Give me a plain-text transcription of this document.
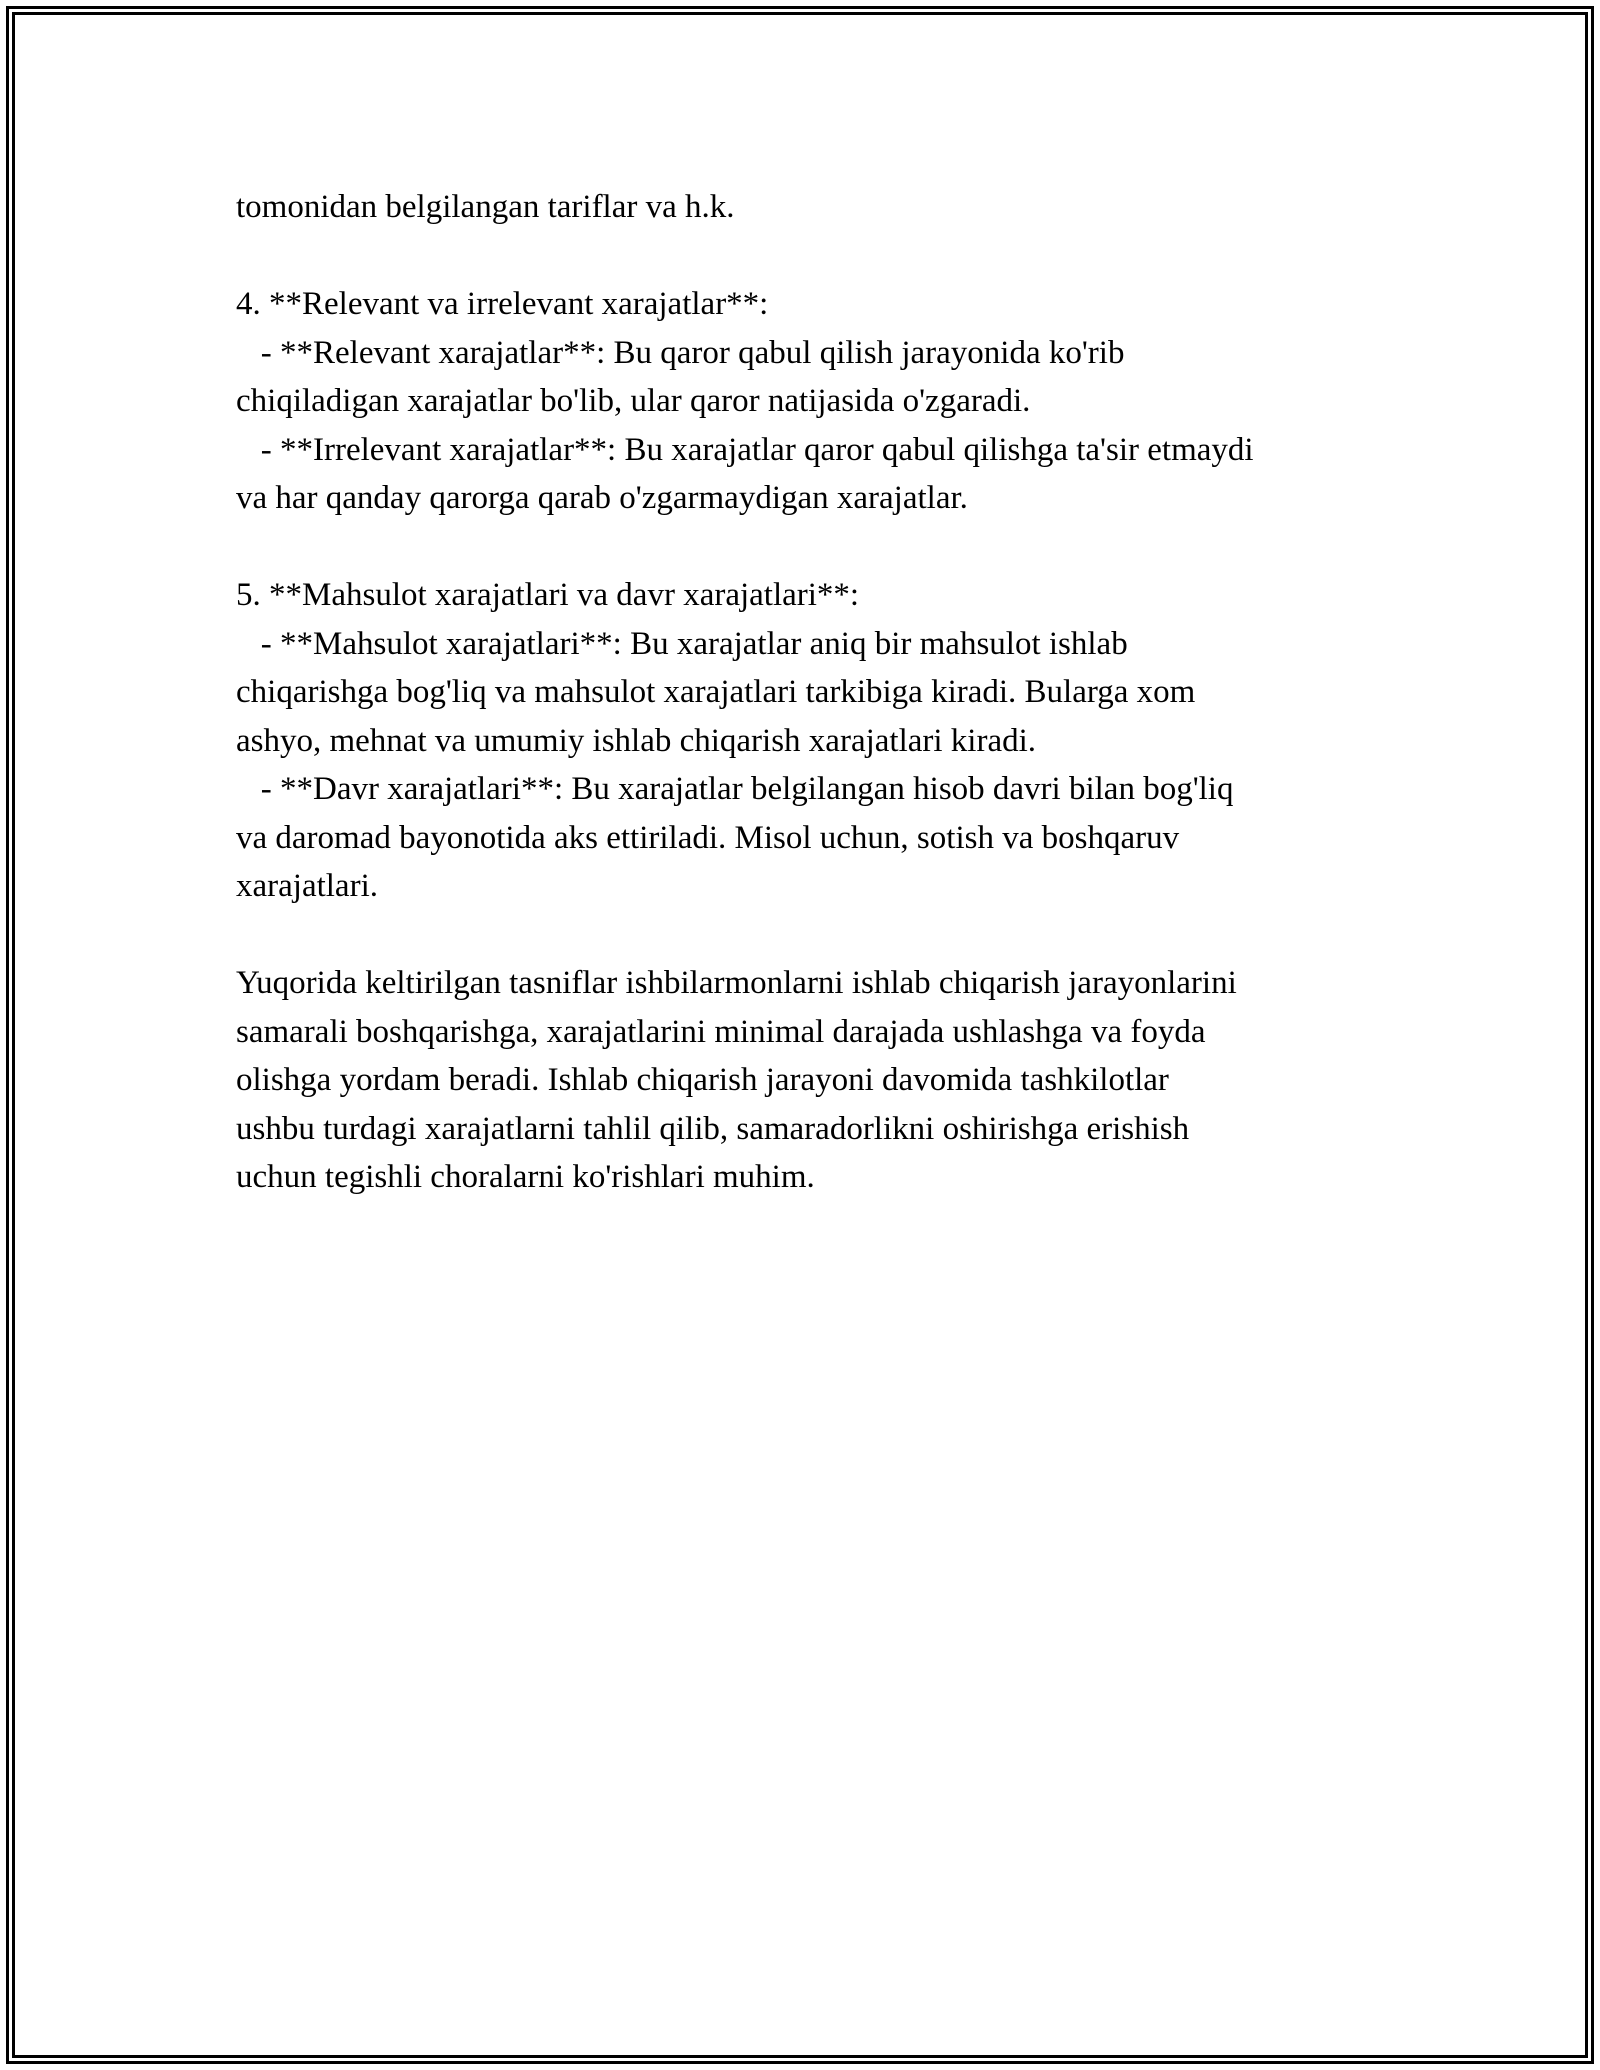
tomonidan belgilangan tariflar va h.k.
4. **Relevant va irrelevant xarajatlar**:
- **Relevant xarajatlar**: Bu qaror qabul qilish jarayonida ko'rib
chiqiladigan xarajatlar bo'lib, ular qaror natijasida o'zgaradi.
- **Irrelevant xarajatlar**: Bu xarajatlar qaror qabul qilishga ta'sir etmaydi
va har qanday qarorga qarab o'zgarmaydigan xarajatlar.
5. **Mahsulot xarajatlari va davr xarajatlari**:
- **Mahsulot xarajatlari**: Bu xarajatlar aniq bir mahsulot ishlab
chiqarishga bog'liq va mahsulot xarajatlari tarkibiga kiradi. Bularga xom
ashyo, mehnat va umumiy ishlab chiqarish xarajatlari kiradi.
- **Davr xarajatlari**: Bu xarajatlar belgilangan hisob davri bilan bog'liq
va daromad bayonotida aks ettiriladi. Misol uchun, sotish va boshqaruv
xarajatlari.
Yuqorida keltirilgan tasniflar ishbilarmonlarni ishlab chiqarish jarayonlarini
samarali boshqarishga, xarajatlarini minimal darajada ushlashga va foyda
olishga yordam beradi. Ishlab chiqarish jarayoni davomida tashkilotlar
ushbu turdagi xarajatlarni tahlil qilib, samaradorlikni oshirishga erishish
uchun tegishli choralarni ko'rishlari muhim.
